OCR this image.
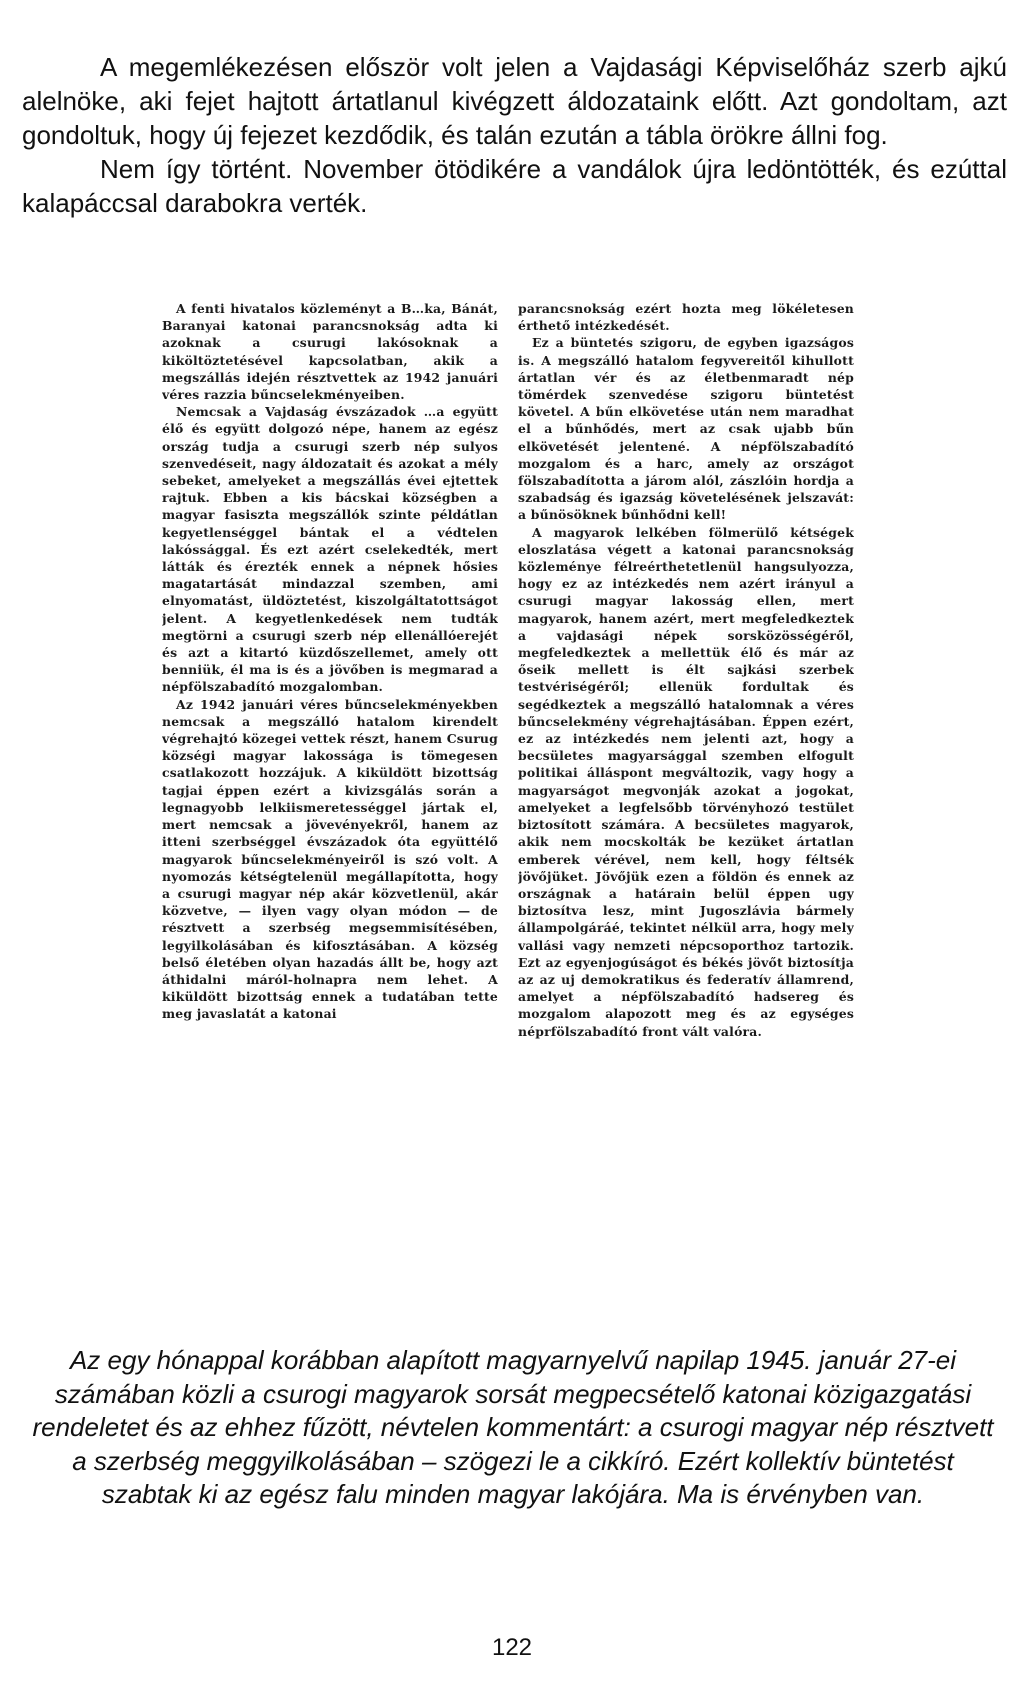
A megemlékezésen először volt jelen a Vajdasági Képviselőház szerb ajkú alelnöke, aki fejet hajtott ártatlanul kivégzett áldozataink előtt. Azt gondoltam, azt gondoltuk, hogy új fejezet kezdődik, és talán ezután a tábla örökre állni fog.

Nem így történt. November ötödikére a vandálok újra ledöntötték, és ezúttal kalapáccsal darabokra verték.

A fenti hivatalos közleményt a B…ka, Bánát, Baranyai katonai parancsnokság adta ki azoknak a csurugi lakósoknak a kiköltöztetésével kapcsolatban, akik a megszállás idején résztvettek az 1942 januári véres razzia bűncselekményeiben.
Nemcsak a Vajdaság évszázadok …a együtt élő és együtt dolgozó népe, hanem az egész ország tudja a csurugi szerb nép sulyos szenvedéseit, nagy áldozatait és azokat a mély sebeket, amelyeket a megszállás évei ejtettek rajtuk. Ebben a kis bácskai községben a magyar fasiszta megszállók szinte példátlan kegyetlenséggel bántak el a védtelen lakóssággal. És ezt azért cselekedték, mert látták és érezték ennek a népnek hősies magatartását mindazzal szemben, ami elnyomatást, üldöztetést, kiszolgáltatottságot jelent. A kegyetlenkedések nem tudták megtörni a csurugi szerb nép ellenállóerejét és azt a kitartó küzdőszellemet, amely ott benniük, él ma is és a jövőben is megmarad a népfölszabadító mozgalomban.
Az 1942 januári véres bűncselekményekben nemcsak a megszálló hatalom kirendelt végrehajtó közegei vettek részt, hanem Csurug községi magyar lakossága is tömegesen csatlakozott hozzájuk. A kiküldött bizottság tagjai éppen ezért a kivizsgálás során a legnagyobb lelkiismeretességgel jártak el, mert nemcsak a jövevényekről, hanem az itteni szerbséggel évszázadok óta együttélő magyarok bűncselekményeiről is szó volt. A nyomozás kétségtelenül megállapította, hogy a csurugi magyar nép akár közvetlenül, akár közvetve, — ilyen vagy olyan módon — de résztvett a szerbség megsemmisítésében, legyilkolásában és kifosztásában. A község belső életében olyan hazadás állt be, hogy azt áthidalni máról-holnapra nem lehet. A kiküldött bizottság ennek a tudatában tette meg javaslatát a katonai
parancsnokság ezért hozta meg lökéletesen érthető intézkedését.
Ez a büntetés szigoru, de egyben igazságos is. A megszálló hatalom fegyvereitől kihullott ártatlan vér és az életbenmaradt nép tömérdek szenvedése szigoru büntetést követel. A bűn elkövetése után nem maradhat el a bűnhődés, mert az csak ujabb bűn elkövetését jelentené. A népfölszabadító mozgalom és a harc, amely az országot fölszabadította a járom alól, zászlóin hordja a szabadság és igazság követelésének jelszavát: a bűnösöknek bűnhődni kell!
A magyarok lelkében fölmerülő kétségek eloszlatása végett a katonai parancsnokság közleménye félreérthetetlenül hangsulyozza, hogy ez az intézkedés nem azért irányul a csurugi magyar lakosság ellen, mert magyarok, hanem azért, mert megfeledkeztek a vajdasági népek sorsközösségéről, megfeledkeztek a mellettük élő és már az őseik mellett is élt sajkási szerbek testvériségéről; ellenük fordultak és segédkeztek a megszálló hatalomnak a véres bűncselekmény végrehajtásában. Éppen ezért, ez az intézkedés nem jelenti azt, hogy a becsületes magyarsággal szemben elfogult politikai álláspont megváltozik, vagy hogy a magyarságot megvonják azokat a jogokat, amelyeket a legfelsőbb törvényhozó testület biztosított számára. A becsületes magyarok, akik nem mocskolták be kezüket ártatlan emberek vérével, nem kell, hogy féltsék jövőjüket. Jövőjük ezen a földön és ennek az országnak a határain belül éppen ugy biztosítva lesz, mint Jugoszlávia bármely állampolgáráé, tekintet nélkül arra, hogy mely vallási vagy nemzeti népcsoporthoz tartozik. Ezt az egyenjogúságot és békés jövőt biztosítja az az uj demokratikus és federatív államrend, amelyet a népfölszabadító hadsereg és mozgalom alapozott meg és az egységes néprfölszabadító front vált valóra.
Az egy hónappal korábban alapított magyarnyelvű napilap 1945. január 27-ei számában közli a csurogi magyarok sorsát megpecsételő katonai közigazgatási rendeletet és az ehhez fűzött, névtelen kommentárt: a csurogi magyar nép résztvett a szerbség meggyilkolásában – szögezi le a cikkíró. Ezért kollektív büntetést szabtak ki az egész falu minden magyar lakójára. Ma is érvényben van.
122
